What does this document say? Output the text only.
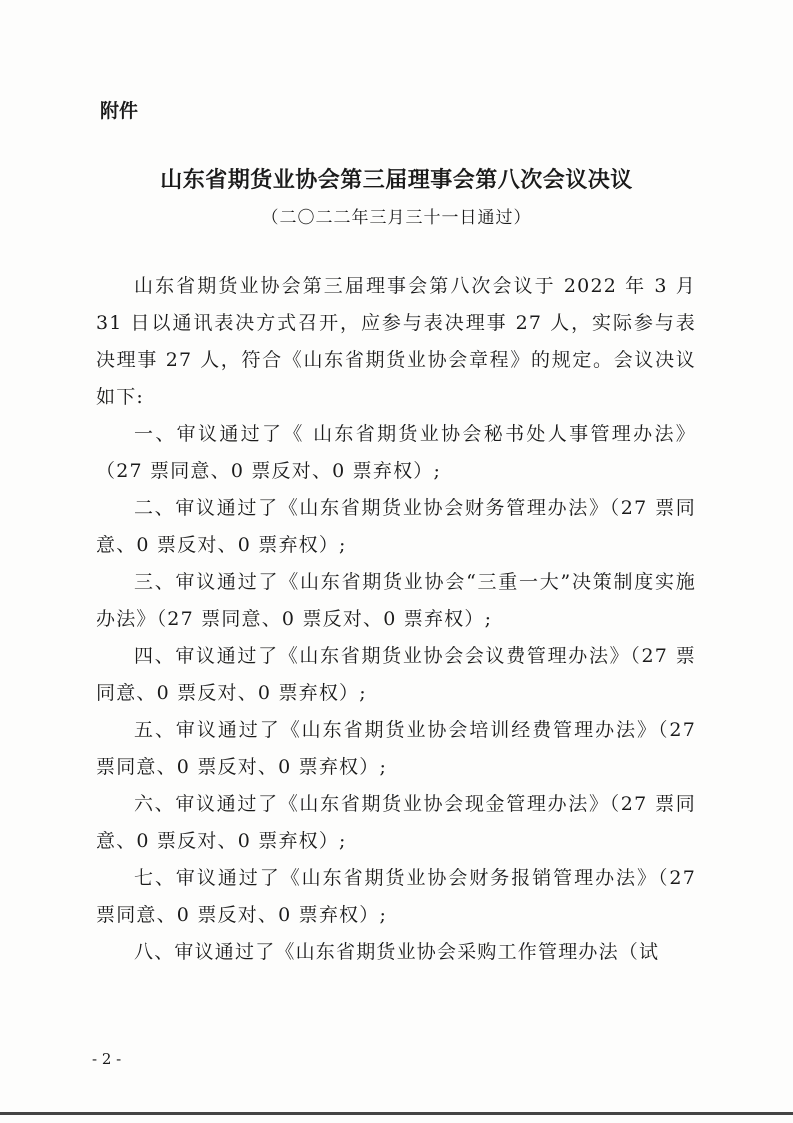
附件
山东省期货业协会第三届理事会第八次会议决议
（二〇二二年三月三十一日通过）

山东省期货业协会第三届理事会第八次会议于 2022 年 3 月 31 日以通讯表决方式召开，应参与表决理事 27 人，实际参与表决理事 27 人，符合《山东省期货业协会章程》的规定。会议决议如下:

一、审议通过了《 山东省期货业协会秘书处人事管理办法》（27 票同意、0 票反对、0 票弃权）;

二、审议通过了《山东省期货业协会财务管理办法》（27 票同意、0 票反对、0 票弃权）;

三、审议通过了《山东省期货业协会“三重一大”决策制度实施办法》（27 票同意、0 票反对、0 票弃权）;

四、审议通过了《山东省期货业协会会议费管理办法》（27 票同意、0 票反对、0 票弃权）;

五、审议通过了《山东省期货业协会培训经费管理办法》（27 票同意、0 票反对、0 票弃权）;

六、审议通过了《山东省期货业协会现金管理办法》（27 票同意、0 票反对、0 票弃权）;

七、审议通过了《山东省期货业协会财务报销管理办法》（27 票同意、0 票反对、0 票弃权）;

八、审议通过了《山东省期货业协会采购工作管理办法（试

- 2 -
